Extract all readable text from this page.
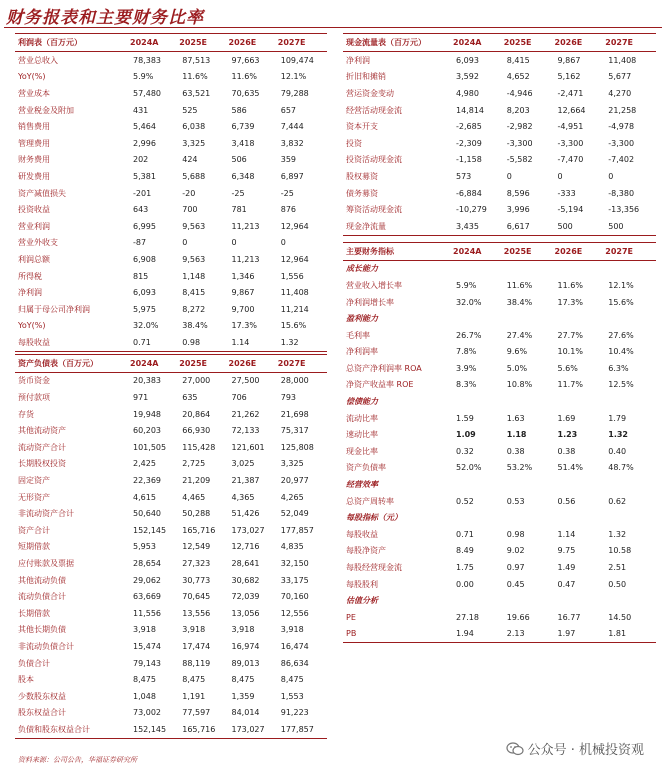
财务报表和主要财务比率
利润表（百万元）	2024A	2025E	2026E	2027E
营业总收入	78,383	87,513	97,663	109,474
YoY(%)	5.9%	11.6%	11.6%	12.1%
营业成本	57,480	63,521	70,635	79,288
营业税金及附加	431	525	586	657
销售费用	5,464	6,038	6,739	7,444
管理费用	2,996	3,325	3,418	3,832
财务费用	202	424	506	359
研发费用	5,381	5,688	6,348	6,897
资产减值损失	-201	-20	-25	-25
投资收益	643	700	781	876
营业利润	6,995	9,563	11,213	12,964
营业外收支	-87	0	0	0
利润总额	6,908	9,563	11,213	12,964
所得税	815	1,148	1,346	1,556
净利润	6,093	8,415	9,867	11,408
归属于母公司净利润	5,975	8,272	9,700	11,214
YoY(%)	32.0%	38.4%	17.3%	15.6%
每股收益	0.71	0.98	1.14	1.32
资产负债表（百万元）	2024A	2025E	2026E	2027E
货币资金	20,383	27,000	27,500	28,000
预付款项	971	635	706	793
存货	19,948	20,864	21,262	21,698
其他流动资产	60,203	66,930	72,133	75,317
流动资产合计	101,505	115,428	121,601	125,808
长期股权投资	2,425	2,725	3,025	3,325
固定资产	22,369	21,209	21,387	20,977
无形资产	4,615	4,465	4,365	4,265
非流动资产合计	50,640	50,288	51,426	52,049
资产合计	152,145	165,716	173,027	177,857
短期借款	5,953	12,549	12,716	4,835
应付账款及票据	28,654	27,323	28,641	32,150
其他流动负债	29,062	30,773	30,682	33,175
流动负债合计	63,669	70,645	72,039	70,160
长期借款	11,556	13,556	13,056	12,556
其他长期负债	3,918	3,918	3,918	3,918
非流动负债合计	15,474	17,474	16,974	16,474
负债合计	79,143	88,119	89,013	86,634
股本	8,475	8,475	8,475	8,475
少数股东权益	1,048	1,191	1,359	1,553
股东权益合计	73,002	77,597	84,014	91,223
负债和股东权益合计	152,145	165,716	173,027	177,857
现金流量表（百万元）	2024A	2025E	2026E	2027E
净利润	6,093	8,415	9,867	11,408
折旧和摊销	3,592	4,652	5,162	5,677
营运资金变动	4,980	-4,946	-2,471	4,270
经营活动现金流	14,814	8,203	12,664	21,258
资本开支	-2,685	-2,982	-4,951	-4,978
投资	-2,309	-3,300	-3,300	-3,300
投资活动现金流	-1,158	-5,582	-7,470	-7,402
股权募资	573	0	0	0
债务募资	-6,884	8,596	-333	-8,380
筹资活动现金流	-10,279	3,996	-5,194	-13,356
现金净流量	3,435	6,617	500	500
主要财务指标	2024A	2025E	2026E	2027E
成长能力				
营业收入增长率	5.9%	11.6%	11.6%	12.1%
净利润增长率	32.0%	38.4%	17.3%	15.6%
盈利能力				
毛利率	26.7%	27.4%	27.7%	27.6%
净利润率	7.8%	9.6%	10.1%	10.4%
总资产净利润率 ROA	3.9%	5.0%	5.6%	6.3%
净资产收益率 ROE	8.3%	10.8%	11.7%	12.5%
偿债能力				
流动比率	1.59	1.63	1.69	1.79
速动比率	1.09	1.18	1.23	1.32
现金比率	0.32	0.38	0.38	0.40
资产负债率	52.0%	53.2%	51.4%	48.7%
经营效率				
总资产周转率	0.52	0.53	0.56	0.62
每股指标（元）				
每股收益	0.71	0.98	1.14	1.32
每股净资产	8.49	9.02	9.75	10.58
每股经营现金流	1.75	0.97	1.49	2.51
每股股利	0.00	0.45	0.47	0.50
估值分析				
PE	27.18	19.66	16.77	14.50
PB	1.94	2.13	1.97	1.81
资料来源：公司公告，华福证券研究所
公众号 · 机械投资观
